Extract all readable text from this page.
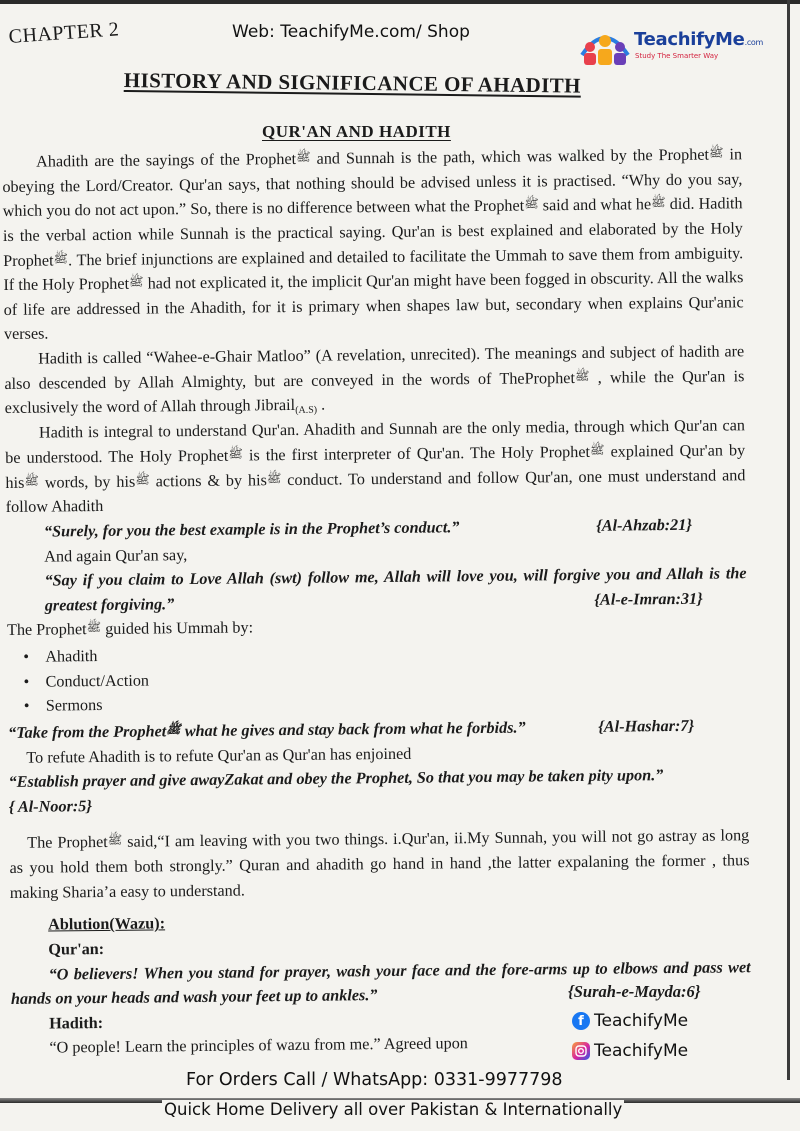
CHAPTER 2	Web: TeachifyMe.com/ Shop	TeachifyMe.com
Study The Smarter Way
HISTORY AND SIGNIFICANCE OF AHADITH
QUR'AN AND HADITH

Ahadith are the sayings of the Prophetﷺ and Sunnah is the path, which was walked by the Prophetﷺ in obeying the Lord/Creator. Qur'an says, that nothing should be advised unless it is practised. “Why do you say, which you do not act upon.” So, there is no difference between what the Prophetﷺ said and what heﷺ did. Hadith is the verbal action while Sunnah is the practical saying. Qur'an is best explained and elaborated by the Holy Prophetﷺ. The brief injunctions are explained and detailed to facilitate the Ummah to save them from ambiguity. If the Holy Prophetﷺ had not explicated it, the implicit Qur'an might have been fogged in obscurity. All the walks of life are addressed in the Ahadith, for it is primary when shapes law but, secondary when explains Qur'anic verses.

Hadith is called “Wahee-e-Ghair Matloo” (A revelation, unrecited). The meanings and subject of hadith are also descended by Allah Almighty, but are conveyed in the words of TheProphetﷺ , while the Qur'an is exclusively the word of Allah through Jibrail$_{(A.S)}$ .

Hadith is integral to understand Qur'an. Ahadith and Sunnah are the only media, through which Qur'an can be understood. The Holy Prophetﷺ is the first interpreter of Qur'an. The Holy Prophetﷺ explained Qur'an by hisﷺ words, by hisﷺ actions & by hisﷺ conduct. To understand and follow Qur'an, one must understand and follow Ahadith

“Surely, for you the best example is in the Prophet’s conduct.”	{Al-Ahzab:21}

And again Qur'an say,

“Say if you claim to Love Allah (swt) follow me, Allah will love you, will forgive you and Allah is the greatest forgiving.”	{Al-e-Imran:31}

The Prophetﷺ guided his Ummah by:

• Ahadith
• Conduct/Action
• Sermons
“Take from the Prophetﷺ what he gives and stay back from what he forbids.”	{Al-Hashar:7}

To refute Ahadith is to refute Qur'an as Qur'an has enjoined

“Establish prayer and give awayZakat and obey the Prophet, So that you may be taken pity upon.”

{ Al-Noor:5}

The Prophetﷺ said,“I am leaving with you two things. i.Qur'an, ii.My Sunnah, you will not go astray as long as you hold them both strongly.” Quran and ahadith go hand in hand ,the latter expalaning the former , thus making Sharia’a easy to understand.

Ablution(Wazu):

Qur'an:

“O believers! When you stand for prayer, wash your face and the fore-arms up to elbows and pass wet hands on your heads and wash your feet up to ankles.”

Hadith:

“O people! Learn the principles of wazu from me.” Agreed upon

{Surah-e-Mayda:6}
f TeachifyMe
TeachifyMe
For Orders Call / WhatsApp: 0331-9977798
Quick Home Delivery all over Pakistan & Internationally
